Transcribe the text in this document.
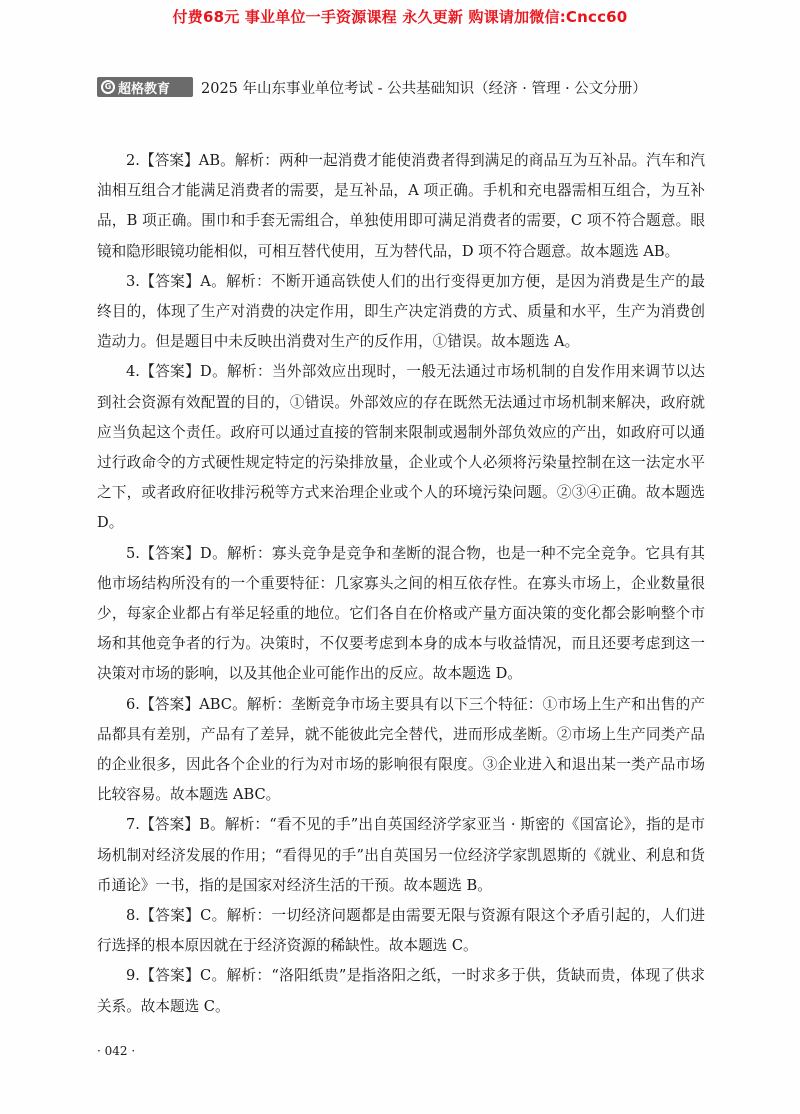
付费68元 事业单位一手资源课程 永久更新 购课请加微信:Cncc60
G 超格教育 2025 年山东事业单位考试 - 公共基础知识（经济 · 管理 · 公文分册）

2.【答案】AB。解析：两种一起消费才能使消费者得到满足的商品互为互补品。汽车和汽油相互组合才能满足消费者的需要，是互补品，A 项正确。手机和充电器需相互组合，为互补品，B 项正确。围巾和手套无需组合，单独使用即可满足消费者的需要，C 项不符合题意。眼镜和隐形眼镜功能相似，可相互替代使用，互为替代品，D 项不符合题意。故本题选 AB。

3.【答案】A。解析：不断开通高铁使人们的出行变得更加方便，是因为消费是生产的最终目的，体现了生产对消费的决定作用，即生产决定消费的方式、质量和水平，生产为消费创造动力。但是题目中未反映出消费对生产的反作用，①错误。故本题选 A。

4.【答案】D。解析：当外部效应出现时，一般无法通过市场机制的自发作用来调节以达到社会资源有效配置的目的，①错误。外部效应的存在既然无法通过市场机制来解决，政府就应当负起这个责任。政府可以通过直接的管制来限制或遏制外部负效应的产出，如政府可以通过行政命令的方式硬性规定特定的污染排放量，企业或个人必须将污染量控制在这一法定水平之下，或者政府征收排污税等方式来治理企业或个人的环境污染问题。②③④正确。故本题选 D。

5.【答案】D。解析：寡头竞争是竞争和垄断的混合物，也是一种不完全竞争。它具有其他市场结构所没有的一个重要特征：几家寡头之间的相互依存性。在寡头市场上，企业数量很少，每家企业都占有举足轻重的地位。它们各自在价格或产量方面决策的变化都会影响整个市场和其他竞争者的行为。决策时，不仅要考虑到本身的成本与收益情况，而且还要考虑到这一决策对市场的影响，以及其他企业可能作出的反应。故本题选 D。

6.【答案】ABC。解析：垄断竞争市场主要具有以下三个特征：①市场上生产和出售的产品都具有差别，产品有了差异，就不能彼此完全替代，进而形成垄断。②市场上生产同类产品的企业很多，因此各个企业的行为对市场的影响很有限度。③企业进入和退出某一类产品市场比较容易。故本题选 ABC。

7.【答案】B。解析：“看不见的手”出自英国经济学家亚当 · 斯密的《国富论》，指的是市场机制对经济发展的作用；“看得见的手”出自英国另一位经济学家凯恩斯的《就业、利息和货币通论》一书，指的是国家对经济生活的干预。故本题选 B。

8.【答案】C。解析：一切经济问题都是由需要无限与资源有限这个矛盾引起的，人们进行选择的根本原因就在于经济资源的稀缺性。故本题选 C。

9.【答案】C。解析：“洛阳纸贵”是指洛阳之纸，一时求多于供，货缺而贵，体现了供求关系。故本题选 C。

· 042 ·
